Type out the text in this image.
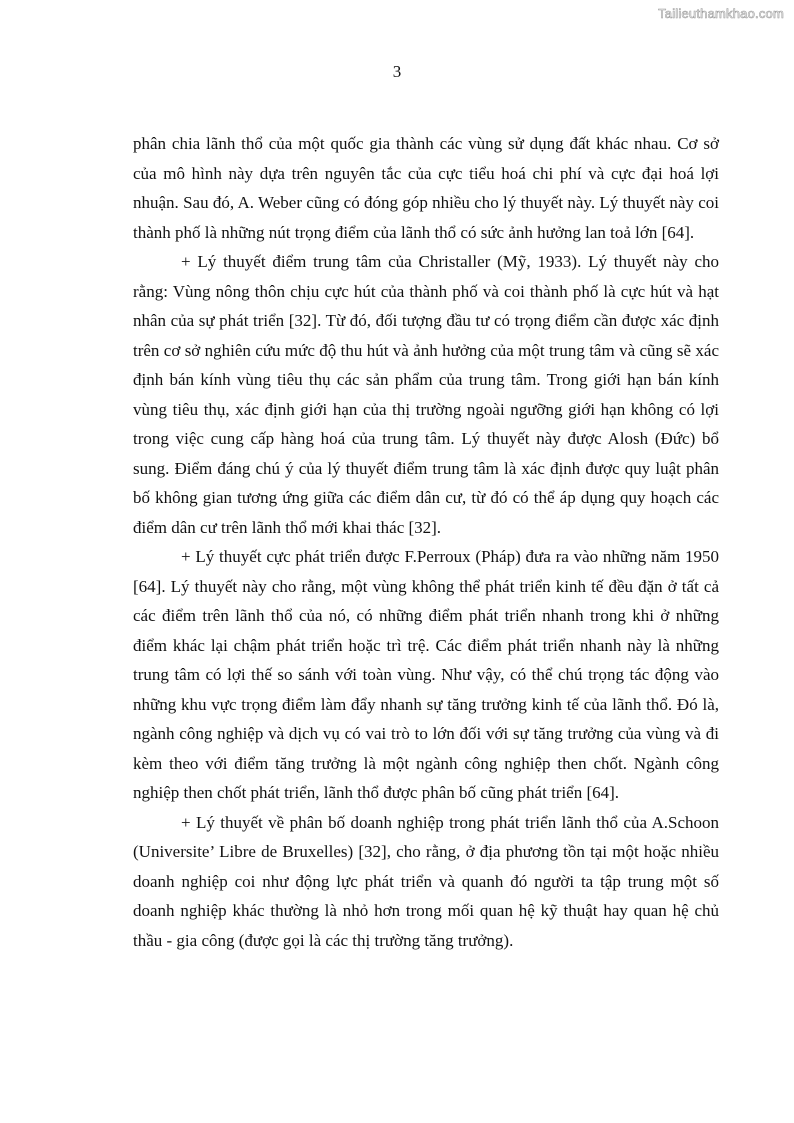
Tailieuthamkhao.com
3

phân chia lãnh thổ của một quốc gia thành các vùng sử dụng đất khác nhau. Cơ sở của mô hình này dựa trên nguyên tắc của cực tiểu hoá chi phí và cực đại hoá lợi nhuận. Sau đó, A. Weber cũng có đóng góp nhiều cho lý thuyết này. Lý thuyết này coi thành phố là những nút trọng điểm của lãnh thổ có sức ảnh hưởng lan toả lớn [64].

+ Lý thuyết điểm trung tâm của Christaller (Mỹ, 1933). Lý thuyết này cho rằng: Vùng nông thôn chịu cực hút của thành phố và coi thành phố là cực hút và hạt nhân của sự phát triển [32]. Từ đó, đối tượng đầu tư có trọng điểm cần được xác định trên cơ sở nghiên cứu mức độ thu hút và ảnh hưởng của một trung tâm và cũng sẽ xác định bán kính vùng tiêu thụ các sản phẩm của trung tâm. Trong giới hạn bán kính vùng tiêu thụ, xác định giới hạn của thị trường ngoài ngưỡng giới hạn không có lợi trong việc cung cấp hàng hoá của trung tâm. Lý thuyết này được Alosh (Đức) bổ sung. Điểm đáng chú ý của lý thuyết điểm trung tâm là xác định được quy luật phân bố không gian tương ứng giữa các điểm dân cư, từ đó có thể áp dụng quy hoạch các điểm dân cư trên lãnh thổ mới khai thác [32].

+ Lý thuyết cực phát triển được F.Perroux (Pháp) đưa ra vào những năm 1950 [64]. Lý thuyết này cho rằng, một vùng không thể phát triển kinh tế đều đặn ở tất cả các điểm trên lãnh thổ của nó, có những điểm phát triển nhanh trong khi ở những điểm khác lại chậm phát triển hoặc trì trệ. Các điểm phát triển nhanh này là những trung tâm có lợi thế so sánh với toàn vùng. Như vậy, có thể chú trọng tác động vào những khu vực trọng điểm làm đẩy nhanh sự tăng trưởng kinh tế của lãnh thổ. Đó là, ngành công nghiệp và dịch vụ có vai trò to lớn đối với sự tăng trưởng của vùng và đi kèm theo với điểm tăng trưởng là một ngành công nghiệp then chốt. Ngành công nghiệp then chốt phát triển, lãnh thổ được phân bố cũng phát triển [64].

+ Lý thuyết về phân bố doanh nghiệp trong phát triển lãnh thổ của A.Schoon (Universite’ Libre de Bruxelles) [32], cho rằng, ở địa phương tồn tại một hoặc nhiều doanh nghiệp coi như động lực phát triển và quanh đó người ta tập trung một số doanh nghiệp khác thường là nhỏ hơn trong mối quan hệ kỹ thuật hay quan hệ chủ thầu - gia công (được gọi là các thị trường tăng trưởng).
